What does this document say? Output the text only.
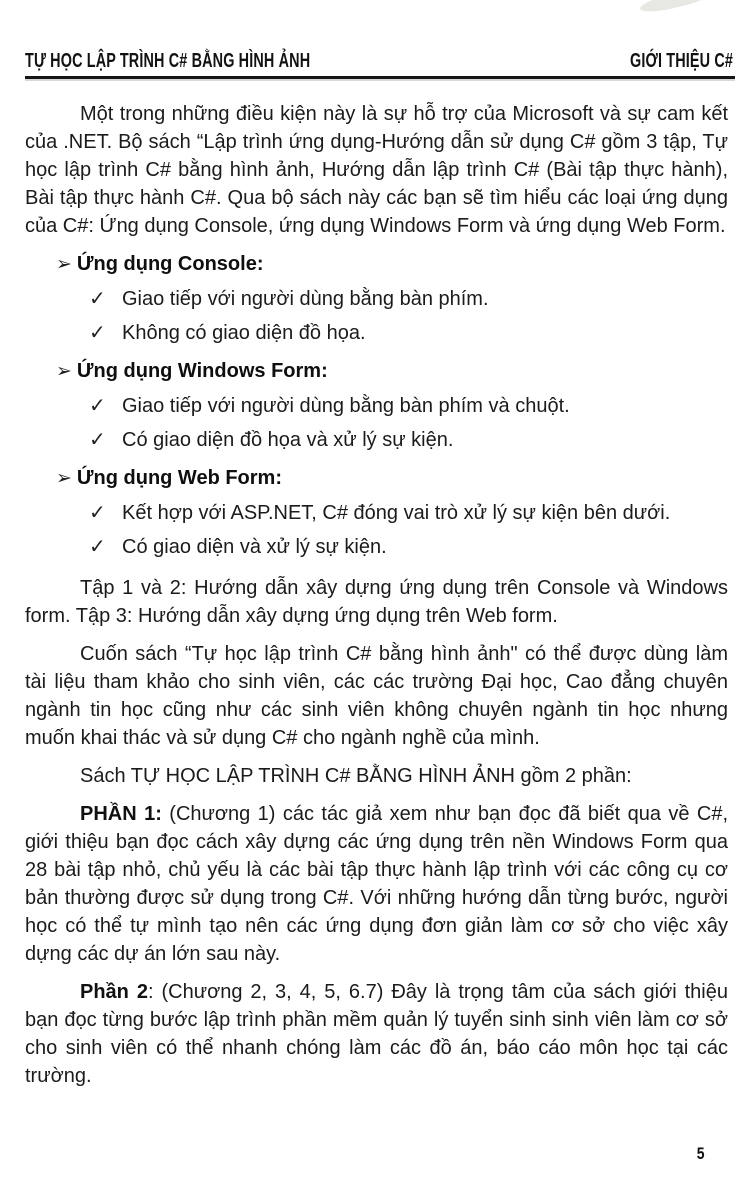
TỰ HỌC LẬP TRÌNH C# BẰNG HÌNH ẢNH	GIỚI THIỆU C#

Một trong những điều kiện này là sự hỗ trợ của Microsoft và sự cam kết của .NET. Bộ sách “Lập trình ứng dụng-Hướng dẫn sử dụng C# gồm 3 tập, Tự học lập trình C# bằng hình ảnh, Hướng dẫn lập trình C# (Bài tập thực hành), Bài tập thực hành C#. Qua bộ sách này các bạn sẽ tìm hiểu các loại ứng dụng của C#: Ứng dụng Console, ứng dụng Windows Form và ứng dụng Web Form.

➢ Ứng dụng Console:
✓ Giao tiếp với người dùng bằng bàn phím.
✓ Không có giao diện đồ họa.
➢ Ứng dụng Windows Form:
✓ Giao tiếp với người dùng bằng bàn phím và chuột.
✓ Có giao diện đồ họa và xử lý sự kiện.
➢ Ứng dụng Web Form:
✓ Kết hợp với ASP.NET, C# đóng vai trò xử lý sự kiện bên dưới.
✓ Có giao diện và xử lý sự kiện.

Tập 1 và 2: Hướng dẫn xây dựng ứng dụng trên Console và Windows form. Tập 3: Hướng dẫn xây dựng ứng dụng trên Web form.

Cuốn sách “Tự học lập trình C# bằng hình ảnh" có thể được dùng làm tài liệu tham khảo cho sinh viên, các các trường Đại học, Cao đẳng chuyên ngành tin học cũng như các sinh viên không chuyên ngành tin học nhưng muốn khai thác và sử dụng C# cho ngành nghề của mình.

Sách TỰ HỌC LẬP TRÌNH C# BẰNG HÌNH ẢNH gồm 2 phần:

PHẦN 1: (Chương 1) các tác giả xem như bạn đọc đã biết qua về C#, giới thiệu bạn đọc cách xây dựng các ứng dụng trên nền Windows Form qua 28 bài tập nhỏ, chủ yếu là các bài tập thực hành lập trình với các công cụ cơ bản thường được sử dụng trong C#. Với những hướng dẫn từng bước, người học có thể tự mình tạo nên các ứng dụng đơn giản làm cơ sở cho việc xây dựng các dự án lớn sau này.

Phần 2: (Chương 2, 3, 4, 5, 6.7) Đây là trọng tâm của sách giới thiệu bạn đọc từng bước lập trình phần mềm quản lý tuyển sinh sinh viên làm cơ sở cho sinh viên có thể nhanh chóng làm các đồ án, báo cáo môn học tại các trường.

5
